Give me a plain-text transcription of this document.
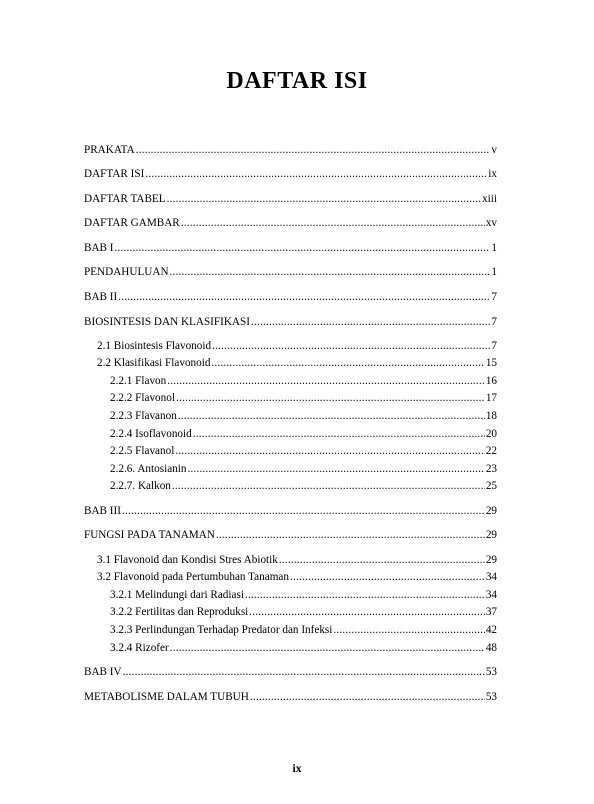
DAFTAR ISI
PRAKATA .....	v
DAFTAR ISI .....	ix
DAFTAR TABEL .....	xiii
DAFTAR GAMBAR .....	xv
BAB I .....	1
PENDAHULUAN .....	1
BAB II .....	7
BIOSINTESIS DAN KLASIFIKASI .....	7
2.1 Biosintesis Flavonoid .....	7
2.2 Klasifikasi Flavonoid .....	15
2.2.1 Flavon .....	16
2.2.2 Flavonol .....	17
2.2.3 Flavanon .....	18
2.2.4 Isoflavonoid .....	20
2.2.5 Flavanol .....	22
2.2.6. Antosianin .....	23
2.2.7. Kalkon .....	25
BAB III .....	29
FUNGSI PADA TANAMAN .....	29
3.1 Flavonoid dan Kondisi Stres Abiotik .....	29
3.2 Flavonoid pada Pertumbuhan Tanaman .....	34
3.2.1 Melindungi dari Radiasi .....	34
3.2.2 Fertilitas dan Reproduksi .....	37
3.2.3 Perlindungan Terhadap Predator dan Infeksi .....	42
3.2.4 Rizofer .....	48
BAB IV .....	53
METABOLISME DALAM TUBUH .....	53
ix
